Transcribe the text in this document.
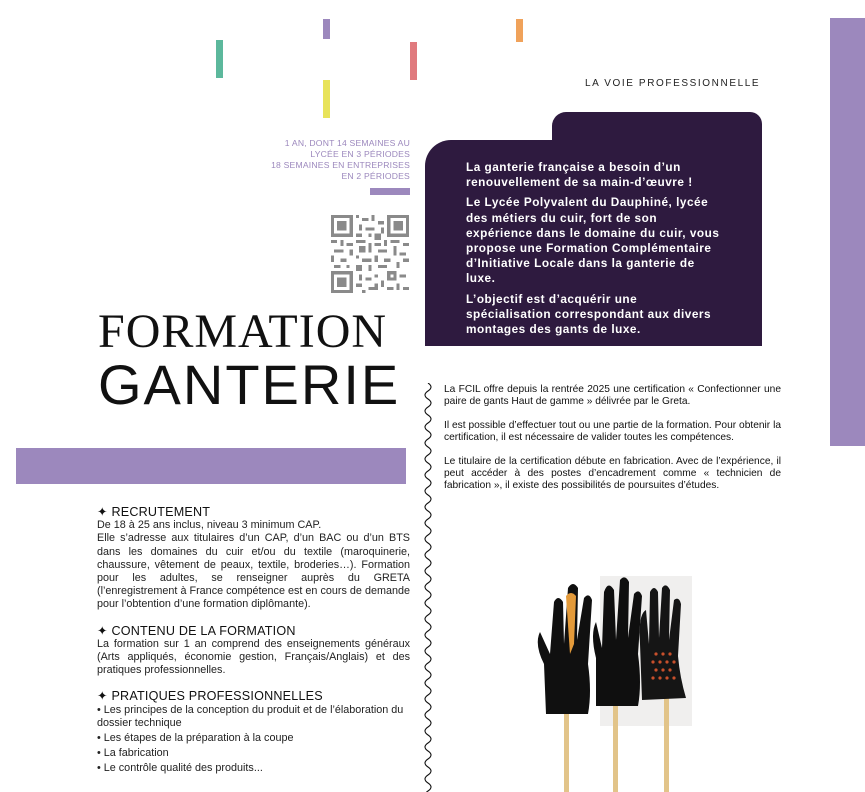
LA VOIE PROFESSIONNELLE
1 AN, DONT 14 SEMAINES AU
LYCÉE EN 3 PÉRIODES
18 SEMAINES EN ENTREPRISES
EN 2 PÉRIODES

La ganterie française a besoin d’un renouvellement de sa main-d’œuvre !

Le Lycée Polyvalent du Dauphiné, lycée des métiers du cuir, fort de son expérience dans le domaine du cuir, vous propose une Formation Complémentaire d’Initiative Locale dans la ganterie de luxe.

L’objectif est d’acquérir une spécialisation correspondant aux divers montages des gants de luxe.

FORMATION
GANTERIE	La FCIL offre depuis la rentrée 2025 une certification « Confectionner une paire de gants Haut de gamme » délivrée par le Greta.

Il est possible d’effectuer tout ou une partie de la formation. Pour obtenir la certification, il est nécessaire de valider toutes les compétences.

Le titulaire de la certification débute en fabrication. Avec de l’expérience, il peut accéder à des postes d’encadrement comme « technicien de fabrication », il existe des possibilités de poursuites d’études.

✦ RECRUTEMENT

De 18 à 25 ans inclus, niveau 3 minimum CAP.
Elle s’adresse aux titulaires d’un CAP, d’un BAC ou d’un BTS dans les domaines du cuir et/ou du textile (maroquinerie, chaussure, vêtement de peaux, textile, broderies…). Formation pour les adultes, se renseigner auprès du GRETA (l’enregistrement à France compétence est en cours de demande pour l’obtention d’une formation diplômante).

✦ CONTENU DE LA FORMATION

La formation sur 1 an comprend des enseignements généraux (Arts appliqués, économie gestion, Français/Anglais) et des pratiques professionnelles.

✦ PRATIQUES PROFESSIONNELLES

• Les principes de la conception du produit et de l’élaboration du dossier technique
• Les étapes de la préparation à la coupe
• La fabrication
• Le contrôle qualité des produits...
